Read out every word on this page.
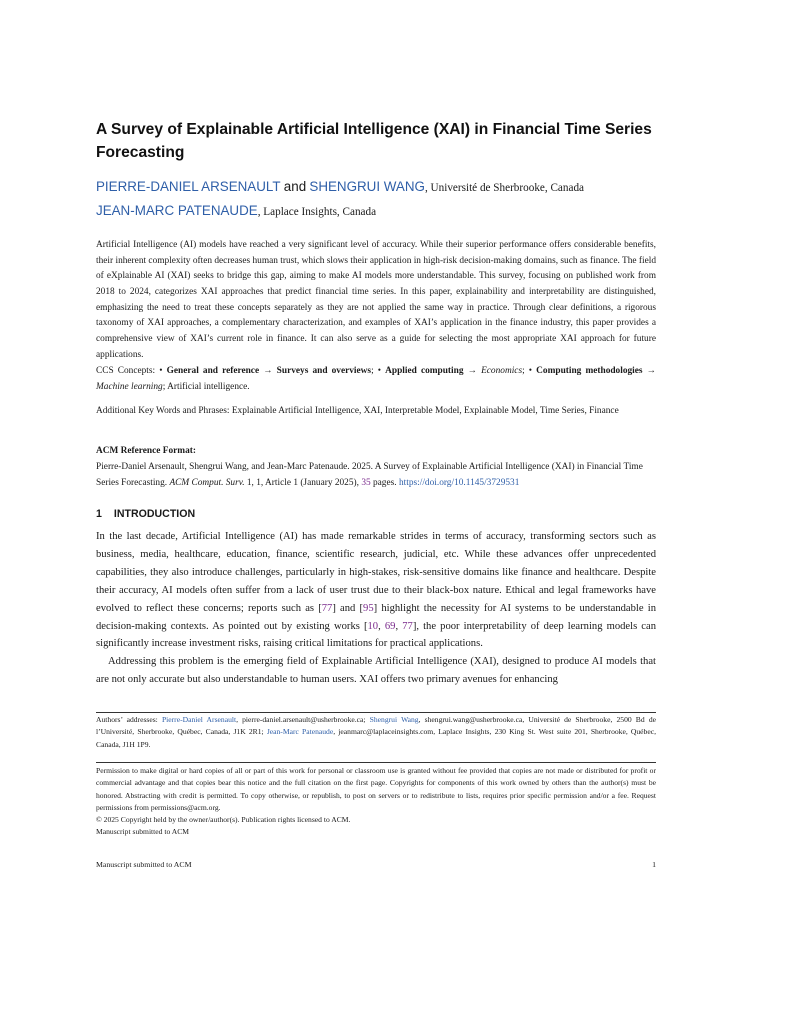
A Survey of Explainable Artificial Intelligence (XAI) in Financial Time Series Forecasting
PIERRE-DANIEL ARSENAULT and SHENGRUI WANG, Université de Sherbrooke, Canada
JEAN-MARC PATENAUDE, Laplace Insights, Canada
Artificial Intelligence (AI) models have reached a very significant level of accuracy. While their superior performance offers considerable benefits, their inherent complexity often decreases human trust, which slows their application in high-risk decision-making domains, such as finance. The field of eXplainable AI (XAI) seeks to bridge this gap, aiming to make AI models more understandable. This survey, focusing on published work from 2018 to 2024, categorizes XAI approaches that predict financial time series. In this paper, explainability and interpretability are distinguished, emphasizing the need to treat these concepts separately as they are not applied the same way in practice. Through clear definitions, a rigorous taxonomy of XAI approaches, a complementary characterization, and examples of XAI’s application in the finance industry, this paper provides a comprehensive view of XAI’s current role in finance. It can also serve as a guide for selecting the most appropriate XAI approach for future applications.
CCS Concepts: • General and reference → Surveys and overviews; • Applied computing → Economics; • Computing methodologies → Machine learning; Artificial intelligence.
Additional Key Words and Phrases: Explainable Artificial Intelligence, XAI, Interpretable Model, Explainable Model, Time Series, Finance
ACM Reference Format:
Pierre-Daniel Arsenault, Shengrui Wang, and Jean-Marc Patenaude. 2025. A Survey of Explainable Artificial Intelligence (XAI) in Financial Time Series Forecasting. ACM Comput. Surv. 1, 1, Article 1 (January 2025), 35 pages. https://doi.org/10.1145/3729531
1 INTRODUCTION

In the last decade, Artificial Intelligence (AI) has made remarkable strides in terms of accuracy, transforming sectors such as business, media, healthcare, education, finance, scientific research, judicial, etc. While these advances offer unprecedented capabilities, they also introduce challenges, particularly in high-stakes, risk-sensitive domains like finance and healthcare. Despite their accuracy, AI models often suffer from a lack of user trust due to their black-box nature. Ethical and legal frameworks have evolved to reflect these concerns; reports such as [77] and [95] highlight the necessity for AI systems to be understandable in decision-making contexts. As pointed out by existing works [10, 69, 77], the poor interpretability of deep learning models can significantly increase investment risks, raising critical limitations for practical applications.

Addressing this problem is the emerging field of Explainable Artificial Intelligence (XAI), designed to produce AI models that are not only accurate but also understandable to human users. XAI offers two primary avenues for enhancing

Authors’ addresses: Pierre-Daniel Arsenault, pierre-daniel.arsenault@usherbrooke.ca; Shengrui Wang, shengrui.wang@usherbrooke.ca, Université de Sherbrooke, 2500 Bd de l’Université, Sherbrooke, Québec, Canada, J1K 2R1; Jean-Marc Patenaude, jeanmarc@laplaceinsights.com, Laplace Insights, 230 King St. West suite 201, Sherbrooke, Québec, Canada, J1H 1P9.
Permission to make digital or hard copies of all or part of this work for personal or classroom use is granted without fee provided that copies are not made or distributed for profit or commercial advantage and that copies bear this notice and the full citation on the first page. Copyrights for components of this work owned by others than the author(s) must be honored. Abstracting with credit is permitted. To copy otherwise, or republish, to post on servers or to redistribute to lists, requires prior specific permission and/or a fee. Request permissions from permissions@acm.org.
© 2025 Copyright held by the owner/author(s). Publication rights licensed to ACM.
Manuscript submitted to ACM
Manuscript submitted to ACM	1
